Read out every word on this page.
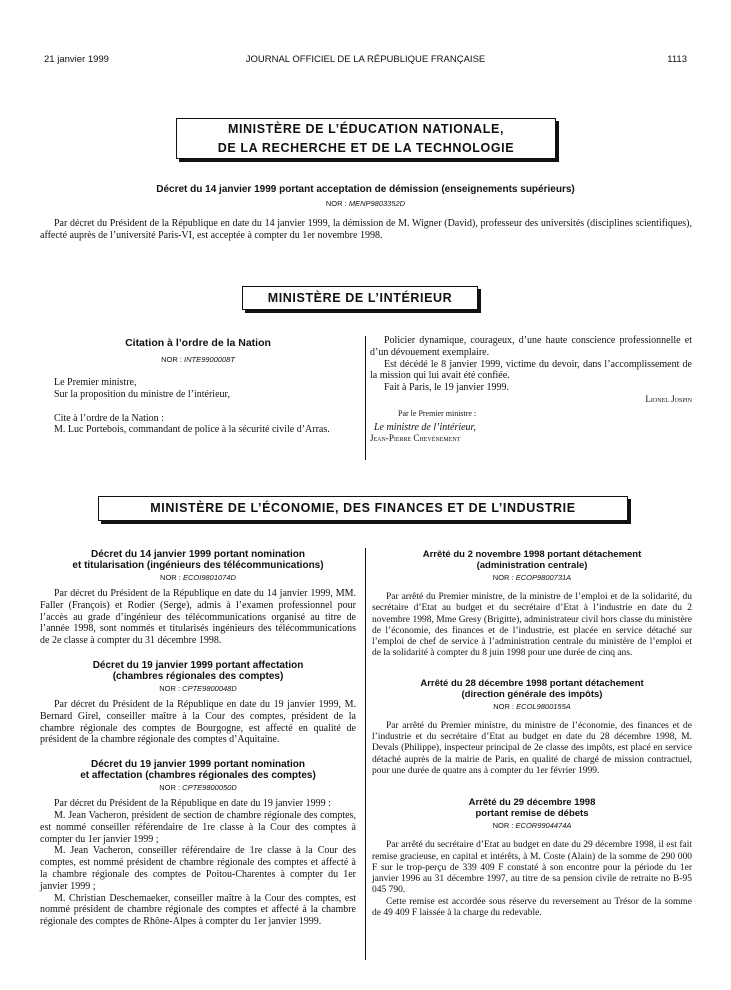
21 janvier 1999	JOURNAL OFFICIEL DE LA RÉPUBLIQUE FRANÇAISE	1113
MINISTÈRE DE L’ÉDUCATION NATIONALE,
DE LA RECHERCHE ET DE LA TECHNOLOGIE
Décret du 14 janvier 1999 portant acceptation de démission (enseignements supérieurs)
NOR : MENP9803352D

Par décret du Président de la République en date du 14 janvier 1999, la démission de M. Wigner (David), professeur des universités (disciplines scientifiques), affecté auprès de l’université Paris-VI, est acceptée à compter du 1er novembre 1998.

MINISTÈRE DE L’INTÉRIEUR
Citation à l’ordre de la Nation
NOR : INTE9900008T

Le Premier ministre,

Sur la proposition du ministre de l’intérieur,

Cite à l’ordre de la Nation :

M. Luc Portebois, commandant de police à la sécurité civile d’Arras.

Policier dynamique, courageux, d’une haute conscience professionnelle et d’un dévouement exemplaire.

Est décédé le 8 janvier 1999, victime du devoir, dans l’accomplissement de la mission qui lui avait été confiée.

Fait à Paris, le 19 janvier 1999.

Lionel Jospin

Par le Premier ministre :

Le ministre de l’intérieur,

Jean-Pierre Chevènement

MINISTÈRE DE L’ÉCONOMIE, DES FINANCES ET DE L’INDUSTRIE
Décret du 14 janvier 1999 portant nomination
et titularisation (ingénieurs des télécommunications)
NOR : ECOI9801074D

Par décret du Président de la République en date du 14 janvier 1999, MM. Faller (François) et Rodier (Serge), admis à l’examen professionnel pour l’accès au grade d’ingénieur des télécommunications organisé au titre de l’année 1998, sont nommés et titularisés ingénieurs des télécommunications de 2e classe à compter du 31 décembre 1998.

Décret du 19 janvier 1999 portant affectation
(chambres régionales des comptes)
NOR : CPTE9800048D

Par décret du Président de la République en date du 19 janvier 1999, M. Bernard Girel, conseiller maître à la Cour des comptes, président de la chambre régionale des comptes de Bourgogne, est affecté en qualité de président de la chambre régionale des comptes d’Aquitaine.

Décret du 19 janvier 1999 portant nomination
et affectation (chambres régionales des comptes)
NOR : CPTE9800050D

Par décret du Président de la République en date du 19 janvier 1999 :

M. Jean Vacheron, président de section de chambre régionale des comptes, est nommé conseiller référendaire de 1re classe à la Cour des comptes à compter du 1er janvier 1999 ;

M. Jean Vacheron, conseiller référendaire de 1re classe à la Cour des comptes, est nommé président de chambre régionale des comptes et affecté à la chambre régionale des comptes de Poitou-Charentes à compter du 1er janvier 1999 ;

M. Christian Deschemaeker, conseiller maître à la Cour des comptes, est nommé président de chambre régionale des comptes et affecté à la chambre régionale des comptes de Rhône-Alpes à compter du 1er janvier 1999.

Arrêté du 2 novembre 1998 portant détachement
(administration centrale)
NOR : ECOP9800731A

Par arrêté du Premier ministre, de la ministre de l’emploi et de la solidarité, du secrétaire d’Etat au budget et du secrétaire d’Etat à l’industrie en date du 2 novembre 1998, Mme Gresy (Brigitte), administrateur civil hors classe du ministère de l’économie, des finances et de l’industrie, est placée en service détaché sur l’emploi de chef de service à l’administration centrale du ministère de l’emploi et de la solidarité à compter du 8 juin 1998 pour une durée de cinq ans.

Arrêté du 28 décembre 1998 portant détachement
(direction générale des impôts)
NOR : ECOL9800155A

Par arrêté du Premier ministre, du ministre de l’économie, des finances et de l’industrie et du secrétaire d’Etat au budget en date du 28 décembre 1998, M. Devals (Philippe), inspecteur principal de 2e classe des impôts, est placé en service détaché auprès de la mairie de Paris, en qualité de chargé de mission contractuel, pour une durée de quatre ans à compter du 1er février 1999.

Arrêté du 29 décembre 1998
portant remise de débets
NOR : ECOR9904474A

Par arrêté du secrétaire d’Etat au budget en date du 29 décembre 1998, il est fait remise gracieuse, en capital et intérêts, à M. Coste (Alain) de la somme de 290 000 F sur le trop-perçu de 339 409 F constaté à son encontre pour la période du 1er janvier 1996 au 31 décembre 1997, au titre de sa pension civile de retraite no B-95 045 790.

Cette remise est accordée sous réserve du reversement au Trésor de la somme de 49 409 F laissée à la charge du redevable.
